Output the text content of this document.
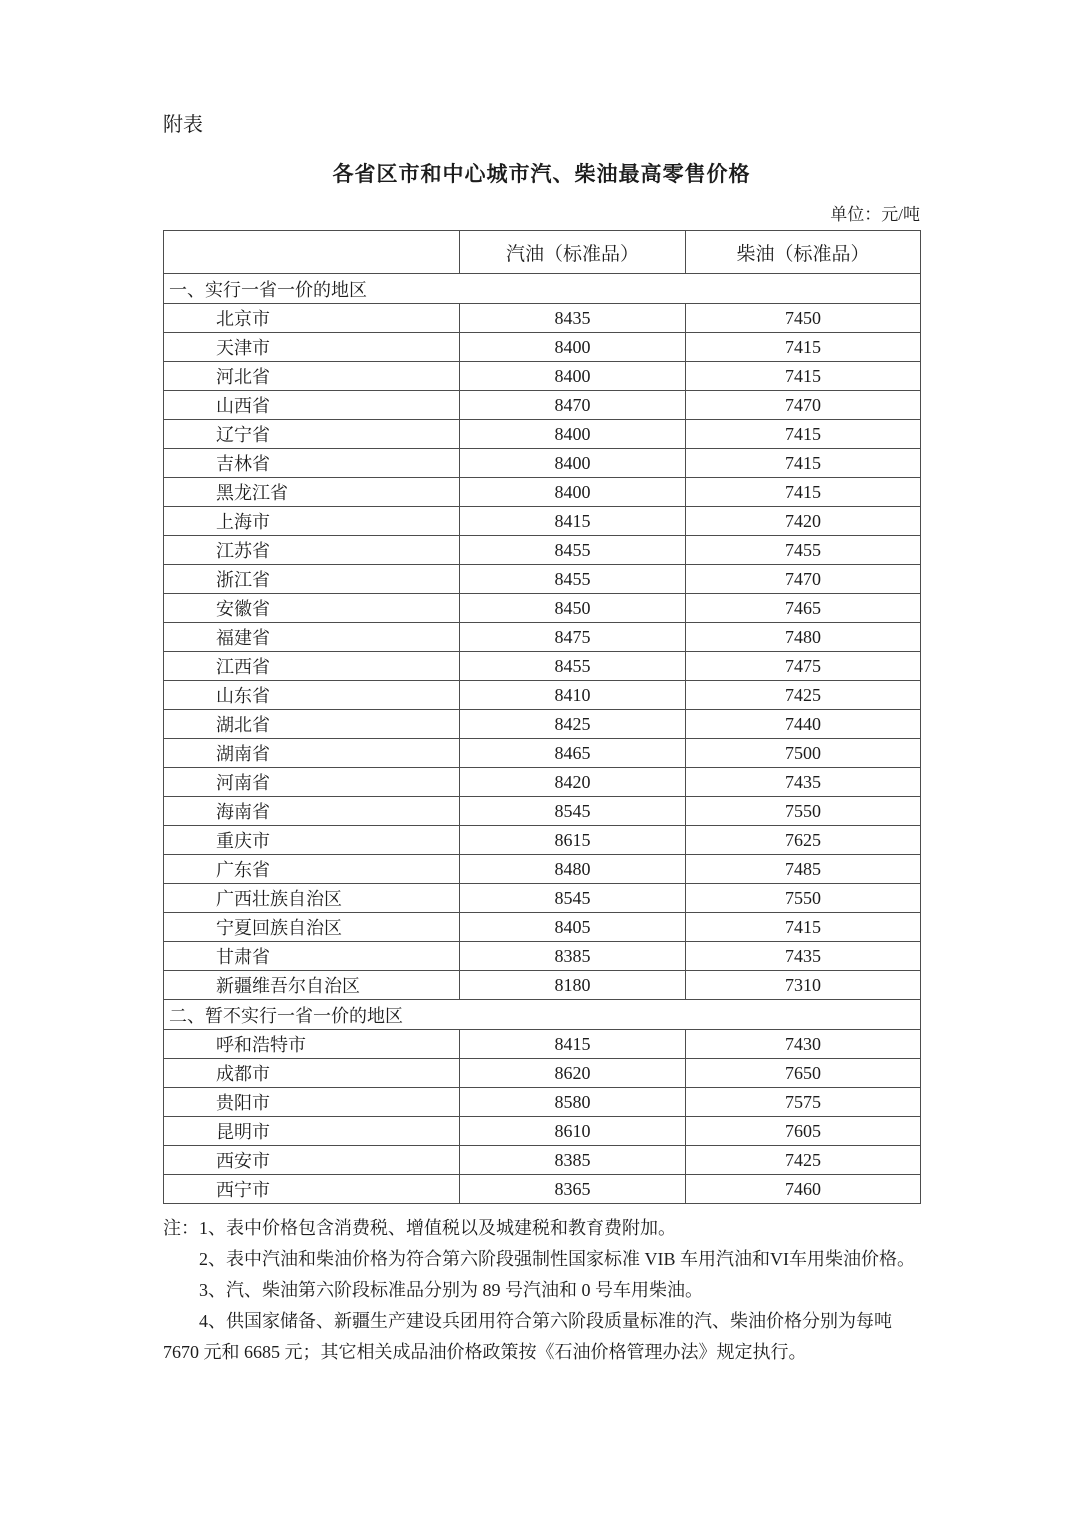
附表
各省区市和中心城市汽、柴油最高零售价格
单位：元/吨
	汽油（标准品）	柴油（标准品）
一、实行一省一价的地区		
北京市	8435	7450
天津市	8400	7415
河北省	8400	7415
山西省	8470	7470
辽宁省	8400	7415
吉林省	8400	7415
黑龙江省	8400	7415
上海市	8415	7420
江苏省	8455	7455
浙江省	8455	7470
安徽省	8450	7465
福建省	8475	7480
江西省	8455	7475
山东省	8410	7425
湖北省	8425	7440
湖南省	8465	7500
河南省	8420	7435
海南省	8545	7550
重庆市	8615	7625
广东省	8480	7485
广西壮族自治区	8545	7550
宁夏回族自治区	8405	7415
甘肃省	8385	7435
新疆维吾尔自治区	8180	7310
二、暂不实行一省一价的地区		
呼和浩特市	8415	7430
成都市	8620	7650
贵阳市	8580	7575
昆明市	8610	7605
西安市	8385	7425
西宁市	8365	7460

注：1、表中价格包含消费税、增值税以及城建税和教育费附加。

2、表中汽油和柴油价格为符合第六阶段强制性国家标准 VIB 车用汽油和VI车用柴油价格。

3、汽、柴油第六阶段标准品分别为 89 号汽油和 0 号车用柴油。

4、供国家储备、新疆生产建设兵团用符合第六阶段质量标准的汽、柴油价格分别为每吨 7670 元和 6685 元；其它相关成品油价格政策按《石油价格管理办法》规定执行。
